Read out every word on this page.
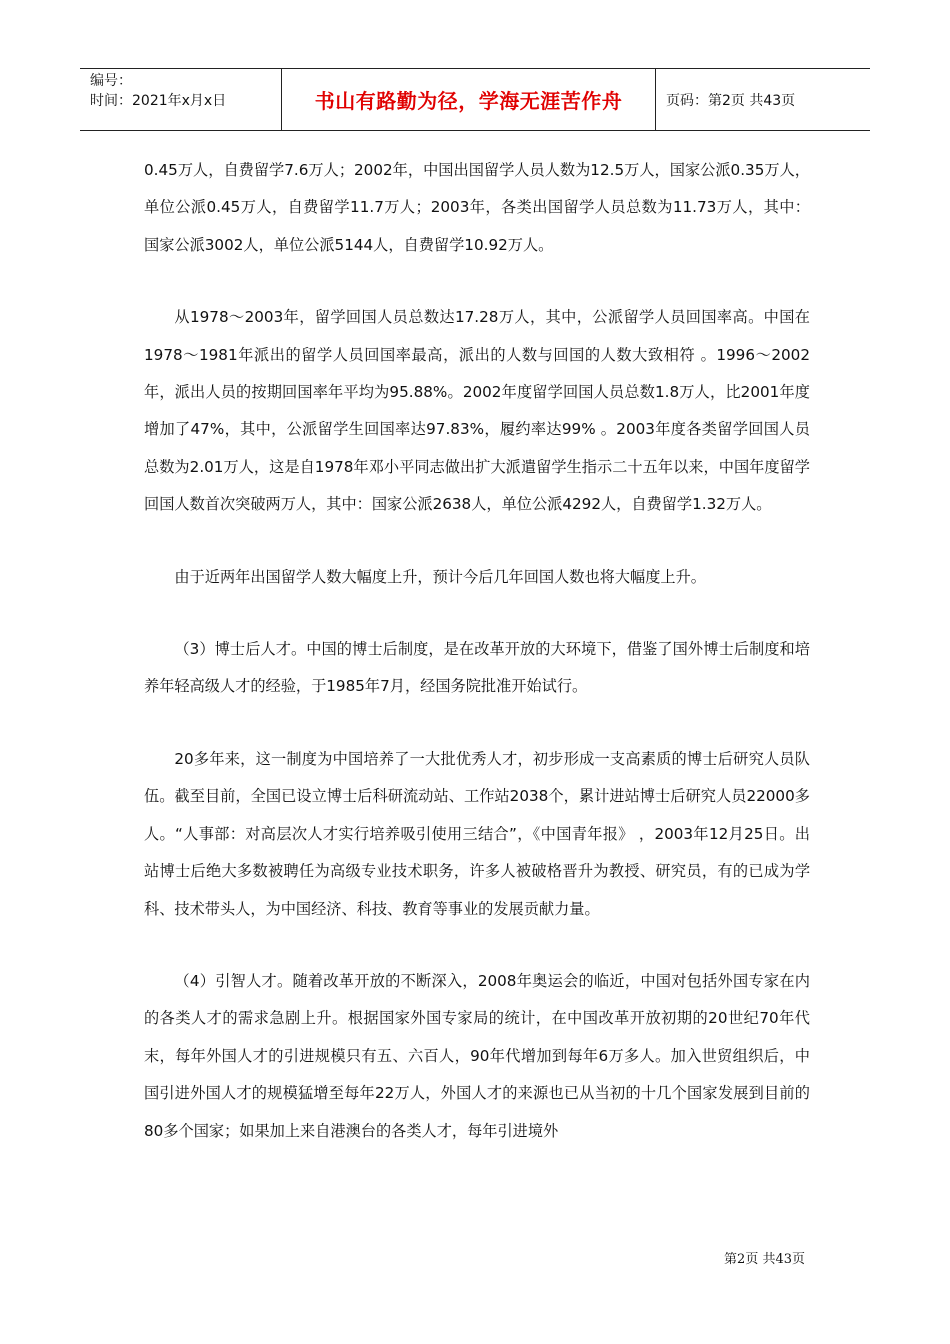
编号：
时间：2021年x月x日	书山有路勤为径，学海无涯苦作舟	页码：第2页 共43页

0.45万人，自费留学7.6万人；2002年，中国出国留学人员人数为12.5万人，国家公派0.35万人，单位公派0.45万人，自费留学11.7万人；2003年，各类出国留学人员总数为11.73万人，其中：国家公派3002人，单位公派5144人，自费留学10.92万人。

从1978～2003年，留学回国人员总数达17.28万人，其中，公派留学人员回国率高。中国在1978～1981年派出的留学人员回国率最高，派出的人数与回国的人数大致相符 。1996～2002年，派出人员的按期回国率年平均为95.88%。2002年度留学回国人员总数1.8万人，比2001年度增加了47%，其中，公派留学生回国率达97.83%，履约率达99% 。2003年度各类留学回国人员总数为2.01万人，这是自1978年邓小平同志做出扩大派遣留学生指示二十五年以来，中国年度留学回国人数首次突破两万人，其中：国家公派2638人，单位公派4292人，自费留学1.32万人。

由于近两年出国留学人数大幅度上升，预计今后几年回国人数也将大幅度上升。

（3）博士后人才。中国的博士后制度，是在改革开放的大环境下，借鉴了国外博士后制度和培养年轻高级人才的经验，于1985年7月，经国务院批准开始试行。

20多年来，这一制度为中国培养了一大批优秀人才，初步形成一支高素质的博士后研究人员队伍。截至目前，全国已设立博士后科研流动站、工作站2038个，累计进站博士后研究人员22000多人。“人事部：对高层次人才实行培养吸引使用三结合”，《中国青年报》 ，2003年12月25日。出站博士后绝大多数被聘任为高级专业技术职务，许多人被破格晋升为教授、研究员，有的已成为学科、技术带头人，为中国经济、科技、教育等事业的发展贡献力量。

（4）引智人才。随着改革开放的不断深入，2008年奥运会的临近，中国对包括外国专家在内的各类人才的需求急剧上升。根据国家外国专家局的统计，在中国改革开放初期的20世纪70年代末，每年外国人才的引进规模只有五、六百人，90年代增加到每年6万多人。加入世贸组织后，中国引进外国人才的规模猛增至每年22万人，外国人才的来源也已从当初的十几个国家发展到目前的80多个国家；如果加上来自港澳台的各类人才，每年引进境外

第2页 共43页
